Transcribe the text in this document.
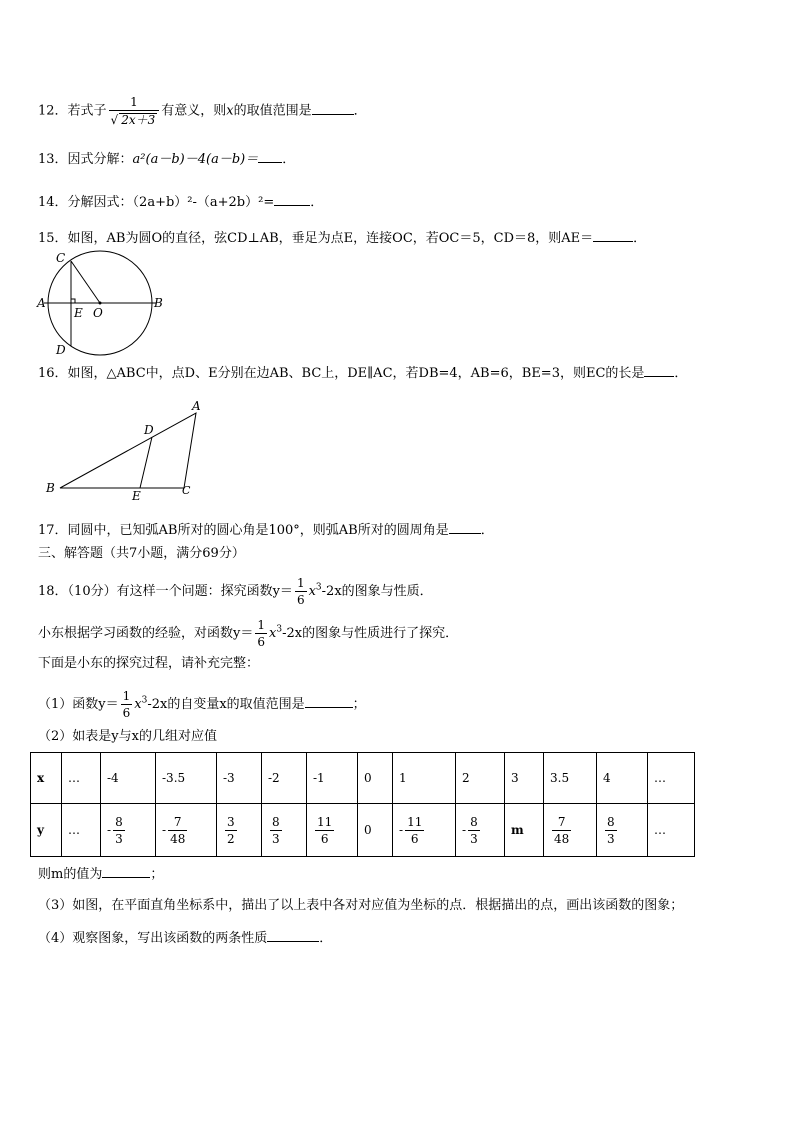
12．若式子 $\frac{1}{√ 2x+3}$ 有意义，则x的取值范围是	．
13．因式分解：a²(a－b)－4(a－b)＝ ．
14．分解因式：（2a+b）²-（a+2b）²=	．
15．如图，AB为圆O的直径，弦CD⊥AB，垂足为点E，连接OC，若OC＝5，CD＝8，则AE＝	．
C
A	B
E O
D
16．如图，△ABC中，点D、E分别在边AB、BC上，DE∥AC，若DB=4，AB=6，BE=3，则EC的长是 ．
A
B	C
D
E
17．同圆中，已知弧AB所对的圆心角是100°，则弧AB所对的圆周角是 ．
三、解答题（共7小题，满分69分）
18．（10分）有这样一个问题：探究函数$y= \frac{1}{6} x^3-2x$的图象与性质．
小东根据学习函数的经验，对函数$y= \frac{1}{6} x^3-2x$的图象与性质进行了探究．
下面是小东的探究过程，请补充完整：
（1）函数$y= \frac{1}{6} x^3-2x$的自变量x的取值范围是	；
（2）如表是y与x的几组对应值
x	…	-4	-3.5	-3	-2	-1	0	1	2	3	3.5	4	…
y	…	- $\frac{8}{3}$	- $\frac{7}{48}$	$\frac{3}{2}$	$\frac{8}{3}$	$\frac{11}{6}$	0	- $\frac{11}{6}$	- $\frac{8}{3}$	m	$\frac{7}{48}$	$\frac{8}{3}$	…
则m的值为	；
（3）如图，在平面直角坐标系中，描出了以上表中各对对应值为坐标的点．根据描出的点，画出该函数的图象；
（4）观察图象，写出该函数的两条性质	．
